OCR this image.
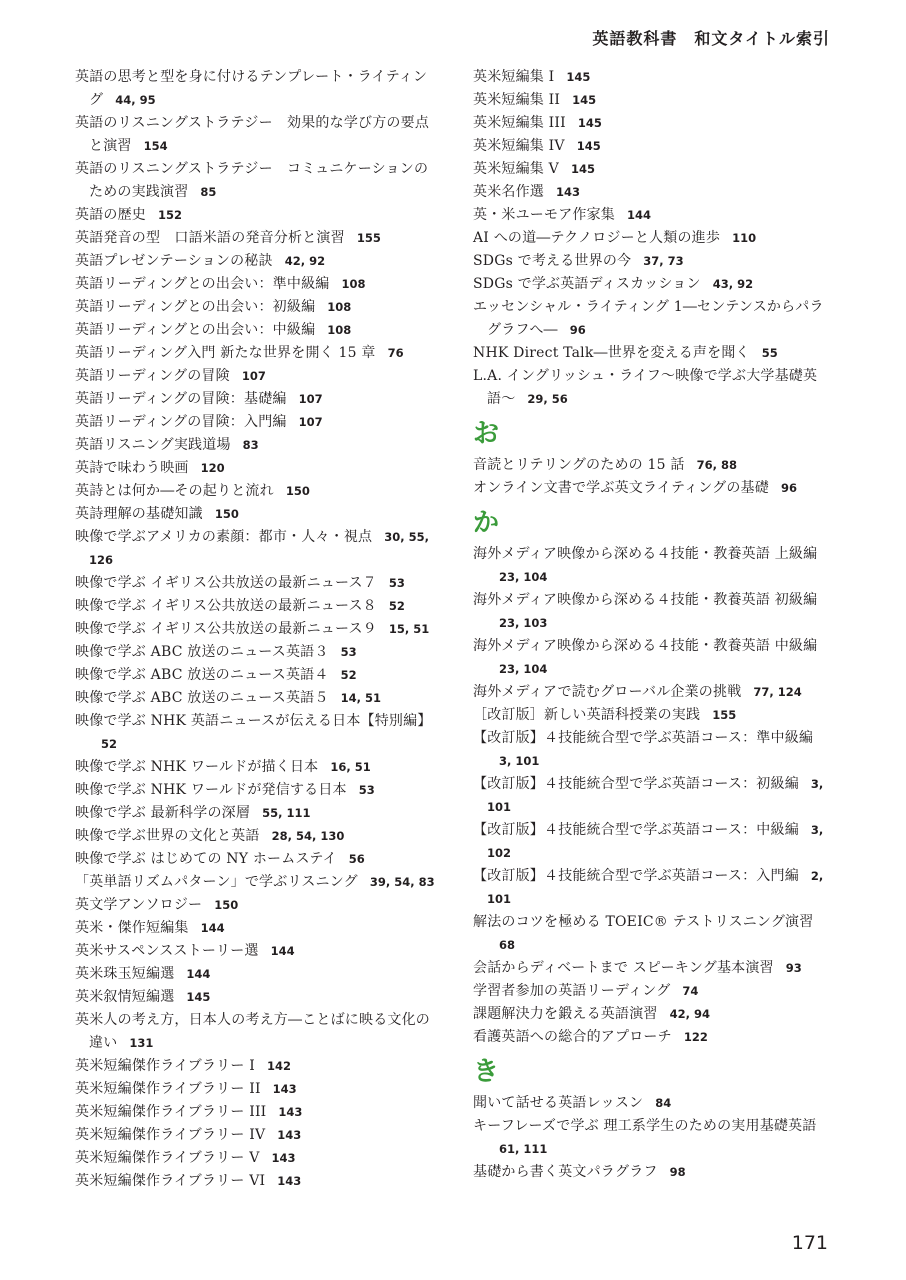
英語教科書　和文タイトル索引
英語の思考と型を身に付けるテンプレート・ライティング 44, 95
英語のリスニングストラテジー　効果的な学び方の要点と演習 154
英語のリスニングストラテジー　コミュニケーションのための実践演習 85
英語の歴史 152
英語発音の型　口語米語の発音分析と演習 155
英語プレゼンテーションの秘訣 42, 92
英語リーディングとの出会い：準中級編 108
英語リーディングとの出会い：初級編 108
英語リーディングとの出会い：中級編 108
英語リーディング入門 新たな世界を開く 15 章 76
英語リーディングの冒険 107
英語リーディングの冒険：基礎編 107
英語リーディングの冒険：入門編 107
英語リスニング実践道場 83
英詩で味わう映画 120
英詩とは何か―その起りと流れ 150
英詩理解の基礎知識 150
映像で学ぶアメリカの素顔：都市・人々・視点 30, 55, 126
映像で学ぶ イギリス公共放送の最新ニュース７ 53
映像で学ぶ イギリス公共放送の最新ニュース８ 52
映像で学ぶ イギリス公共放送の最新ニュース９ 15, 51
映像で学ぶ ABC 放送のニュース英語３ 53
映像で学ぶ ABC 放送のニュース英語４ 52
映像で学ぶ ABC 放送のニュース英語５ 14, 51
映像で学ぶ NHK 英語ニュースが伝える日本【特別編】52
映像で学ぶ NHK ワールドが描く日本 16, 51
映像で学ぶ NHK ワールドが発信する日本 53
映像で学ぶ 最新科学の深層 55, 111
映像で学ぶ世界の文化と英語 28, 54, 130
映像で学ぶ はじめての NY ホームステイ 56
「英単語リズムパターン」で学ぶリスニング 39, 54, 83
英文学アンソロジー 150
英米・傑作短編集 144
英米サスペンスストーリー選 144
英米珠玉短編選 144
英米叙情短編選 145
英米人の考え方，日本人の考え方―ことばに映る文化の違い 131
英米短編傑作ライブラリー I 142
英米短編傑作ライブラリー II 143
英米短編傑作ライブラリー III 143
英米短編傑作ライブラリー IV 143
英米短編傑作ライブラリー V 143
英米短編傑作ライブラリー VI 143
英米短編集 I 145
英米短編集 II 145
英米短編集 III 145
英米短編集 IV 145
英米短編集 V 145
英米名作選 143
英・米ユーモア作家集 144
AI への道―テクノロジーと人類の進歩 110
SDGs で考える世界の今 37, 73
SDGs で学ぶ英語ディスカッション 43, 92
エッセンシャル・ライティング 1―センテンスからパラグラフへ― 96
NHK Direct Talk―世界を変える声を聞く 55
L.A. イングリッシュ・ライフ〜映像で学ぶ大学基礎英語〜 29, 56
お
音読とリテリングのための 15 話 76, 88
オンライン文書で学ぶ英文ライティングの基礎 96
か
海外メディア映像から深める４技能・教養英語 上級編23, 104
海外メディア映像から深める４技能・教養英語 初級編23, 103
海外メディア映像から深める４技能・教養英語 中級編23, 104
海外メディアで読むグローバル企業の挑戦 77, 124
［改訂版］新しい英語科授業の実践 155
【改訂版】４技能統合型で学ぶ英語コース：準中級編3, 101
【改訂版】４技能統合型で学ぶ英語コース：初級編 3, 101
【改訂版】４技能統合型で学ぶ英語コース：中級編 3, 102
【改訂版】４技能統合型で学ぶ英語コース：入門編 2, 101
解法のコツを極める TOEIC® テストリスニング演習68
会話からディベートまで スピーキング基本演習 93
学習者参加の英語リーディング 74
課題解決力を鍛える英語演習 42, 94
看護英語への総合的アプローチ 122
き
聞いて話せる英語レッスン 84
キーフレーズで学ぶ 理工系学生のための実用基礎英語61, 111
基礎から書く英文パラグラフ 98
171
